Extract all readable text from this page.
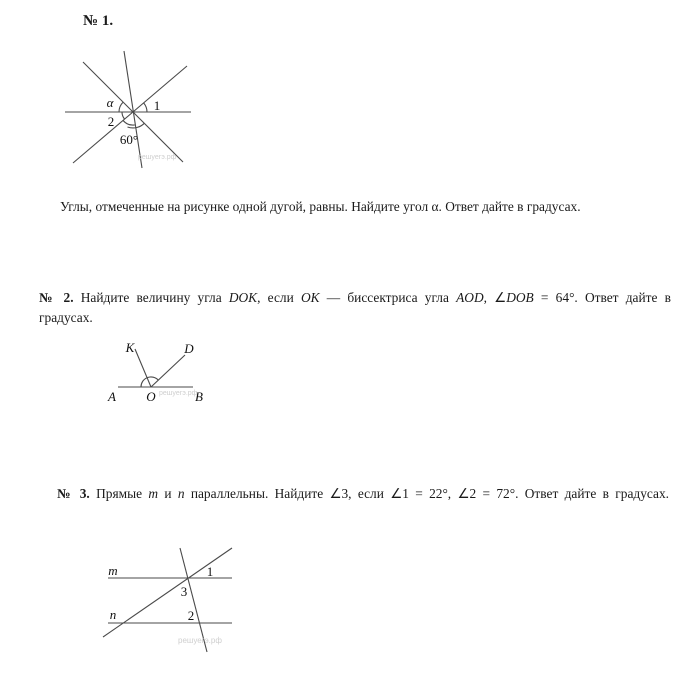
№ 1.
α	1
2
60°
решуегэ.рф
Углы, отмеченные на рисунке одной дугой, равны. Найдите угол α. Ответ дайте в градусах.
№ 2. Найдите величину угла DOK, если OK — биссектриса угла AOD, ∠DOB = 64°. Ответ дайте в
градусах.
K	D
A O	B
решуегэ.рф
№ 3. Прямые m и n параллельны. Найдите ∠3, если ∠1 = 22°, ∠2 = 72°. Ответ дайте в градусах.
m
n
1
3
2
решуегэ.рф
